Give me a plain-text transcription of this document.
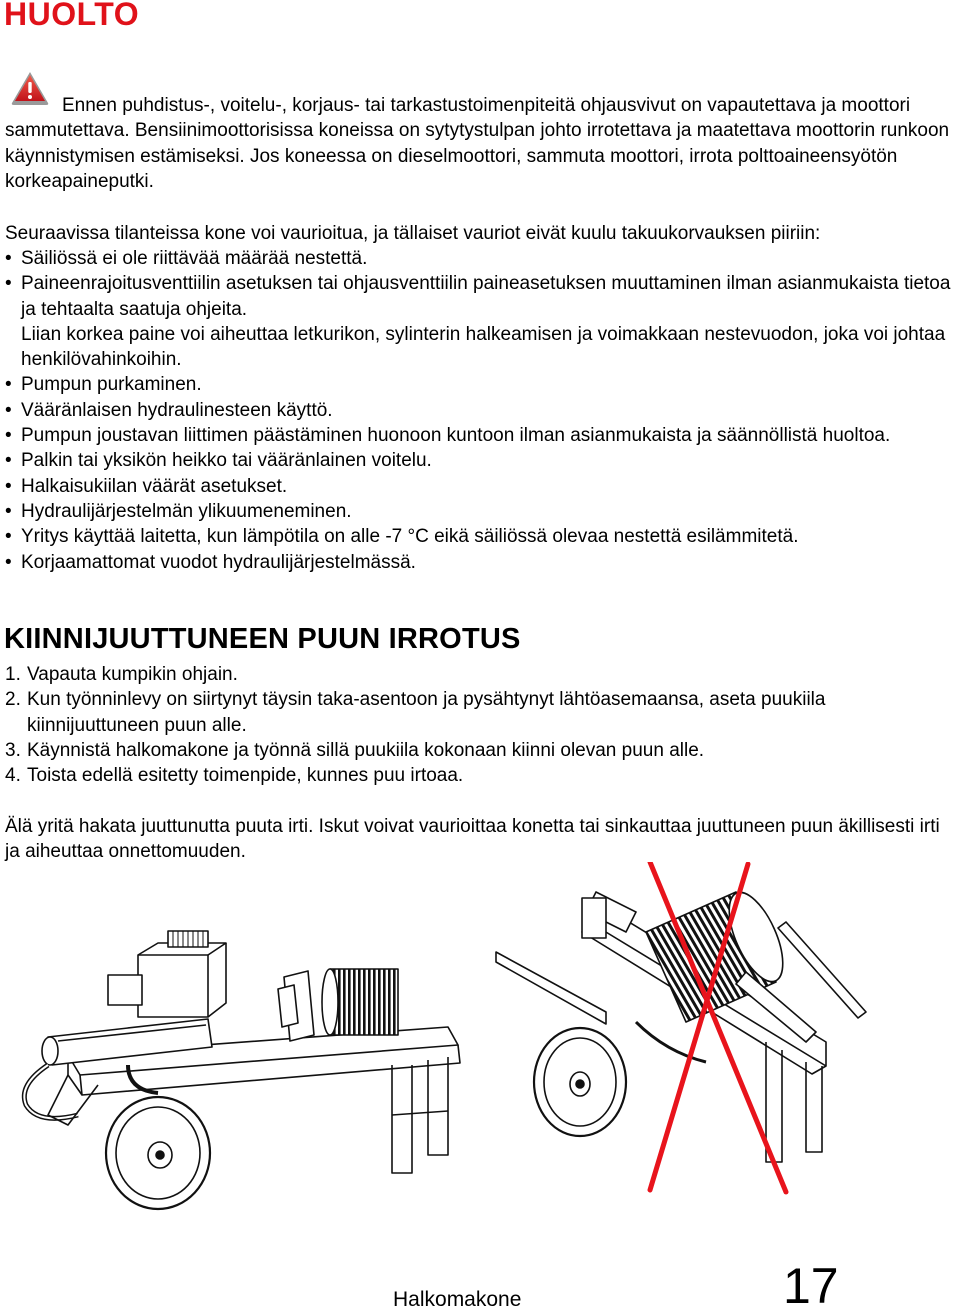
HUOLTO
Ennen puhdistus-, voitelu-, korjaus- tai tarkastustoimenpiteitä ohjausvivut on vapautettava ja moottori sammutettava. Bensiinimoottorisissa koneissa on sytytystulpan johto irrotettava ja maatettava moottorin runkoon käynnistymisen estämiseksi. Jos koneessa on dieselmoottori, sammuta moottori, irrota polttoaineensyötön korkeapaineputki.
Seuraavissa tilanteissa kone voi vaurioitua, ja tällaiset vauriot eivät kuulu takuukorvauksen piiriin:
• Säiliössä ei ole riittävää määrää nestettä.
• Paineenrajoitusventtiilin asetuksen tai ohjausventtiilin paineasetuksen muuttaminen ilman asianmukaista tietoa ja tehtaalta saatuja ohjeita.
Liian korkea paine voi aiheuttaa letkurikon, sylinterin halkeamisen ja voimakkaan nestevuodon, joka voi johtaa henkilövahinkoihin.
• Pumpun purkaminen.
• Vääränlaisen hydraulinesteen käyttö.
• Pumpun joustavan liittimen päästäminen huonoon kuntoon ilman asianmukaista ja säännöllistä huoltoa.
• Palkin tai yksikön heikko tai vääränlainen voitelu.
• Halkaisukiilan väärät asetukset.
• Hydraulijärjestelmän ylikuumeneminen.
• Yritys käyttää laitetta, kun lämpötila on alle -7 °C eikä säiliössä olevaa nestettä esilämmitetä.
• Korjaamattomat vuodot hydraulijärjestelmässä.
KIINNIJUUTTUNEEN PUUN IRROTUS
1. Vapauta kumpikin ohjain.
2. Kun työnninlevy on siirtynyt täysin taka-asentoon ja pysähtynyt lähtöasemaansa, aseta puukiila kiinnijuuttuneen puun alle.
3. Käynnistä halkomakone ja työnnä sillä puukiila kokonaan kiinni olevan puun alle.
4. Toista edellä esitetty toimenpide, kunnes puu irtoaa.
Älä yritä hakata juuttunutta puuta irti. Iskut voivat vaurioittaa konetta tai sinkauttaa juuttuneen puun äkillisesti irti ja aiheuttaa onnettomuuden.
Halkomakone	17
